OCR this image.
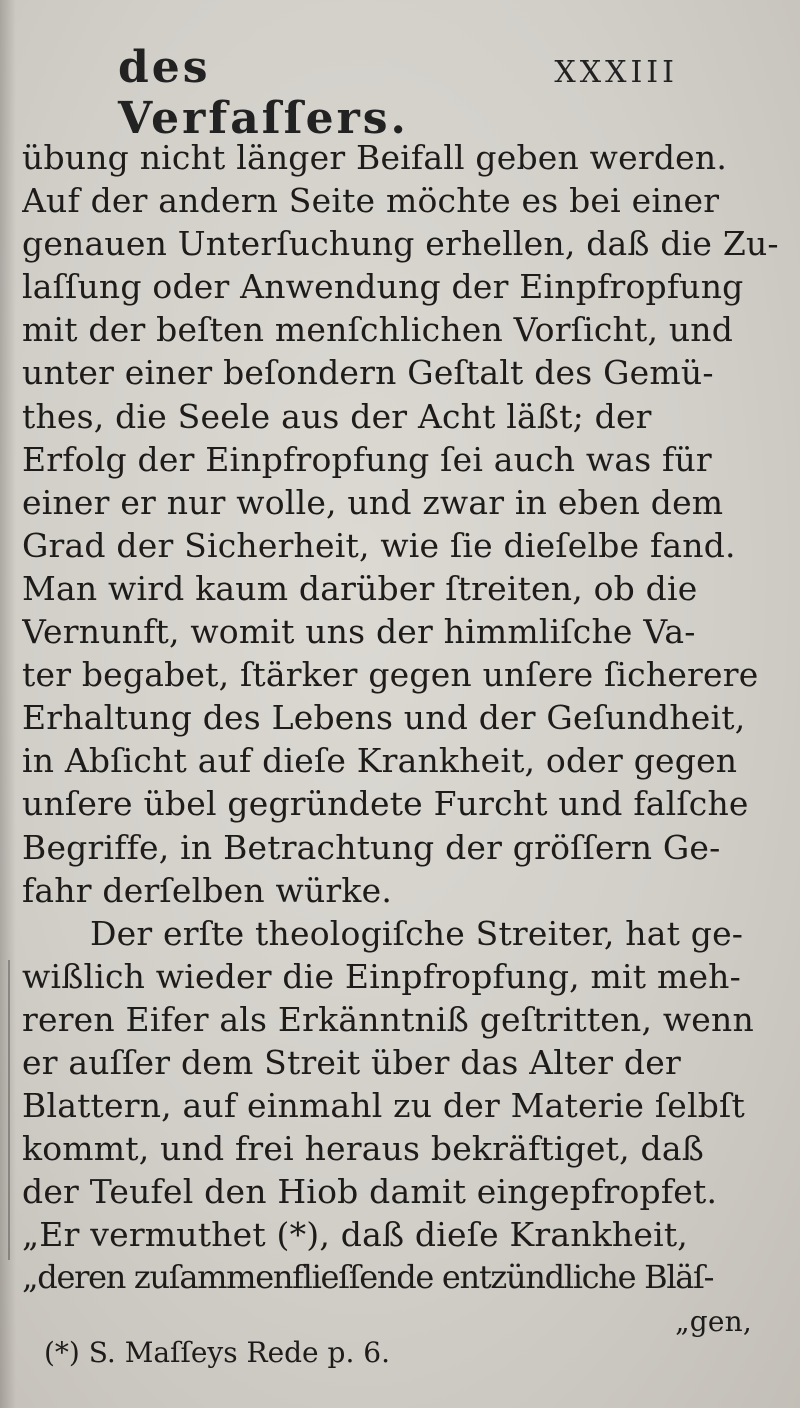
des Verfaſſers.
XXXIII
übung nicht länger Beifall geben werden.
Auf der andern Seite möchte es bei einer
genauen Unterſuchung erhellen, daß die Zu-
laſſung oder Anwendung der Einpfropfung
mit der beſten menſchlichen Vorſicht, und
unter einer beſondern Geſtalt des Gemü-
thes, die Seele aus der Acht läßt; der
Erfolg der Einpfropfung ſei auch was für
einer er nur wolle, und zwar in eben dem
Grad der Sicherheit, wie ſie dieſelbe fand.
Man wird kaum darüber ſtreiten, ob die
Vernunft, womit uns der himmliſche Va-
ter begabet, ſtärker gegen unſere ſicherere
Erhaltung des Lebens und der Geſundheit,
in Abſicht auf dieſe Krankheit, oder gegen
unſere übel gegründete Furcht und falſche
Begriffe, in Betrachtung der gröſſern Ge-
fahr derſelben würke.
Der erſte theologiſche Streiter, hat ge-
wißlich wieder die Einpfropfung, mit meh-
reren Eifer als Erkänntniß geſtritten, wenn
er auſſer dem Streit über das Alter der
Blattern, auf einmahl zu der Materie ſelbſt
kommt, und frei heraus bekräftiget, daß
der Teufel den Hiob damit eingepfropfet.
„Er vermuthet (*), daß dieſe Krankheit,
„deren zuſammenflieſſende entzündliche Bläſ-
„gen,
(*) S. Maſſeys Rede p. 6.
